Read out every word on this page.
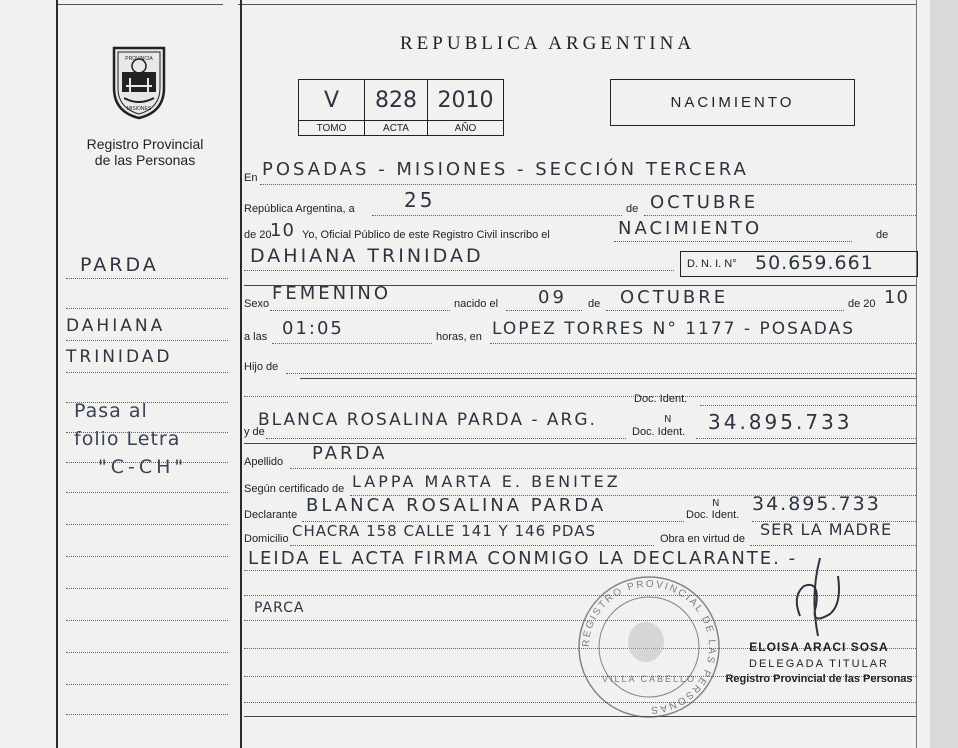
PROVINCIA
MISIONES
Registro Provincial
de las Personas
REPUBLICA ARGENTINA
V	828	2010
TOMO	ACTA	AÑO
NACIMIENTO
PARDA
DAHIANA
TRINIDAD
Pasa al
folio Letra
"C-CH"
En POSADAS - MISIONES - SECCIÓN TERCERA
República Argentina, a 25	de OCTUBRE
de 20
10 Yo, Oficial Público de este Registro Civil inscribo el	NACIMIENTO	de
DAHIANA TRINIDAD	D. N. I. N° 50.659.661
Sexo FEMENINO	nacido el 09 de OCTUBRE	de 20 10
a las 01:05	horas, en LOPEZ TORRES N° 1177 - POSADAS
Hijo de
Doc. Ident.
y de
BLANCA ROSALINA PARDA - ARG.
Doc. Ident.
N 34.895.733
Apellido PARDA
Según certificado de LAPPA MARTA E. BENITEZ
Declarante BLANCA ROSALINA PARDA	Doc. Ident.
N 34.895.733
Domicilio CHACRA 158 CALLE 141 Y 146 PDAS	Obra en virtud de SER LA MADRE
LEIDA EL ACTA FIRMA CONMIGO LA DECLARANTE. -
PARCA
REGISTRO PROVINCIAL DE LAS PERSONAS
VILLA CABELLO
ELOISA ARACI SOSA
DELEGADA TITULAR
Registro Provincial de las Personas
